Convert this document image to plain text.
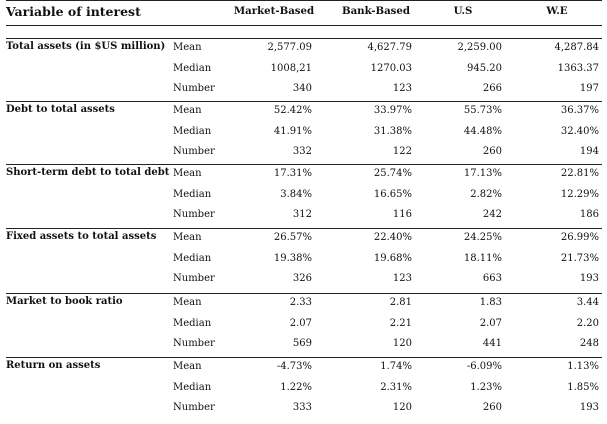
Variable of interest	Market-Based	Bank-Based	U.S	W.E
Total assets (in $US million) Mean	2,577.09	4,627.79	2,259.00	4,287.84
Median	1008,21	1270.03	945.20	1363.37
Number	340	123	266	197
Debt to total assets	Mean	52.42%	33.97%	55.73%	36.37%
Median	41.91%	31.38%	44.48%	32.40%
Number	332	122	260	194
Short-term debt to total debt Mean	17.31%	25.74%	17.13%	22.81%
Median	3.84%	16.65%	2.82%	12.29%
Number	312	116	242	186
Fixed assets to total assets Mean	26.57%	22.40%	24.25%	26.99%
Median	19.38%	19.68%	18.11%	21.73%
Number	326	123	663	193
Market to book ratio	Mean	2.33	2.81	1.83	3.44
Median	2.07	2.21	2.07	2.20
Number	569	120	441	248
Return on assets	Mean	-4.73%	1.74%	-6.09%	1.13%
Median	1.22%	2.31%	1.23%	1.85%
Number	333	120	260	193
